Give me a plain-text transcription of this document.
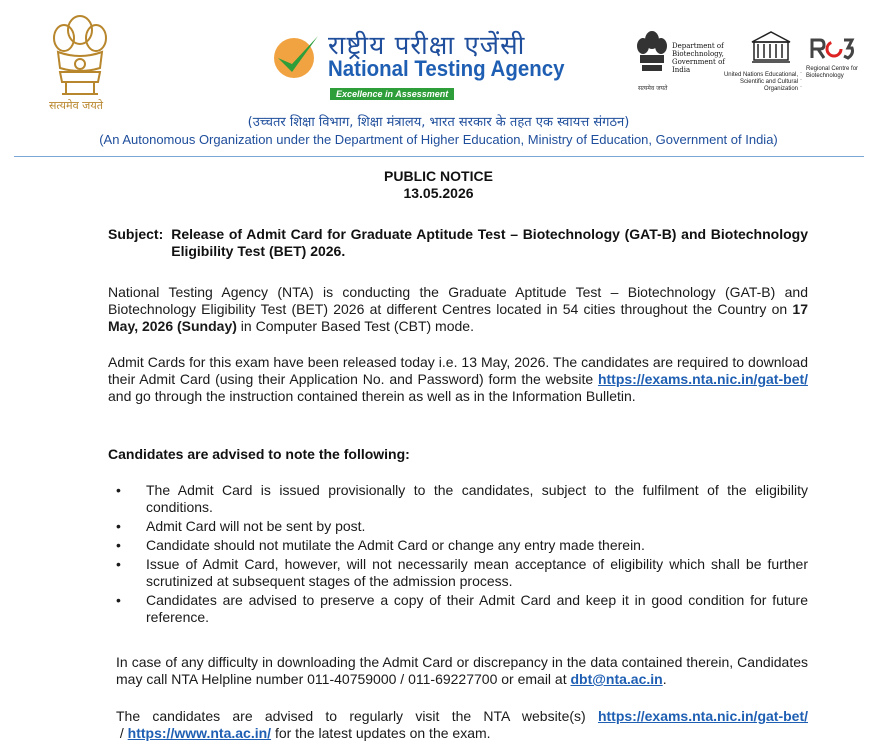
सत्यमेव जयते
राष्ट्रीय परीक्षा एजेंसी
National Testing Agency
Excellence in Assessment
Department of Biotechnology, Government of India
सत्यमेव जयते
United Nations Educational, Scientific and Cultural Organization
·
·
·
Regional Centre for Biotechnology
(उच्चतर शिक्षा विभाग, शिक्षा मंत्रालय, भारत सरकार के तहत एक स्वायत्त संगठन)
(An Autonomous Organization under the Department of Higher Education, Ministry of Education, Government of India)
PUBLIC NOTICE
13.05.2026
Subject: Release of Admit Card for Graduate Aptitude Test – Biotechnology (GAT-B) and Biotechnology Eligibility Test (BET) 2026.
National Testing Agency (NTA) is conducting the Graduate Aptitude Test – Biotechnology (GAT-B) and Biotechnology Eligibility Test (BET) 2026 at different Centres located in 54 cities throughout the Country on 17 May, 2026 (Sunday) in Computer Based Test (CBT) mode.
Admit Cards for this exam have been released today i.e. 13 May, 2026. The candidates are required to download their Admit Card (using their Application No. and Password) form the website https://exams.nta.nic.in/gat-bet/  and go through the instruction contained therein as well as in the Information Bulletin.
Candidates are advised to note the following:
• The Admit Card is issued provisionally to the candidates, subject to the fulfilment of the eligibility conditions.
• Admit Card will not be sent by post.
• Candidate should not mutilate the Admit Card or change any entry made therein.
• Issue of Admit Card, however, will not necessarily mean acceptance of eligibility which shall be further scrutinized at subsequent stages of the admission process.
• Candidates are advised to preserve a copy of their Admit Card and keep it in good condition for future reference.
In case of any difficulty in downloading the Admit Card or discrepancy in the data contained therein, Candidates may call NTA Helpline number 011-40759000 / 011-69227700 or email at dbt@nta.ac.in.
The candidates are advised to regularly visit the NTA website(s) https://exams.nta.nic.in/gat-bet/ / https://www.nta.ac.in/ for the latest updates on the exam.
